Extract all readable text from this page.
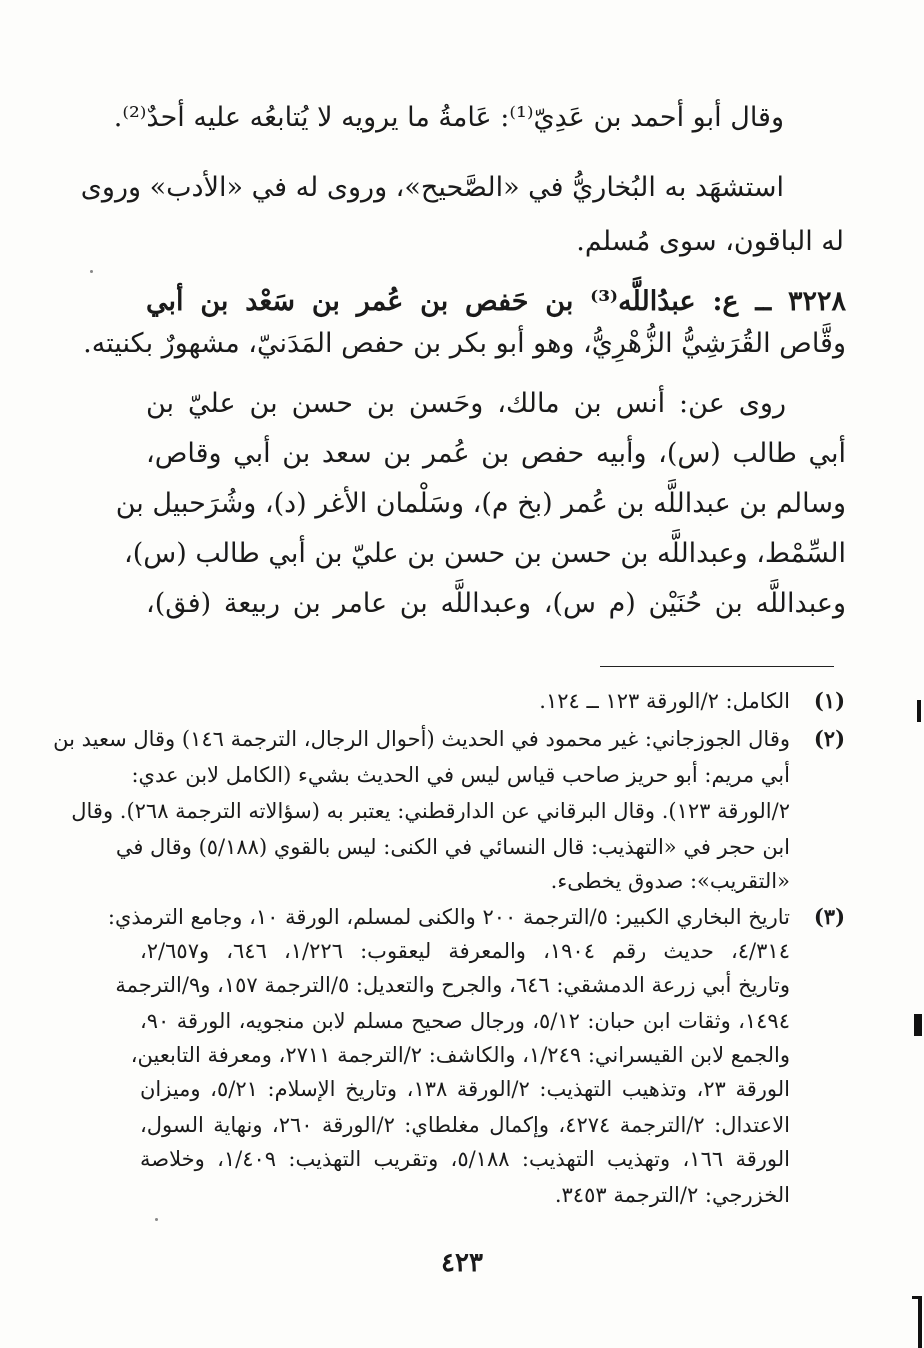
وقال أبو أحمد بن عَدِيّ⁽¹⁾: عَامةُ ما يرويه لا يُتابعُه عليه أحدٌ⁽²⁾.
استشهَد به البُخاريُّ في «الصَّحيح»، وروى له في «الأدب» وروى
له الباقون، سوى مُسلم.
٣٢٢٨ ــ ع: عبدُاللَّه⁽³⁾ بن حَفص بن عُمر بن سَعْد بن أبي
وقَّاص القُرَشِيُّ الزُّهْرِيُّ، وهو أبو بكر بن حفص المَدَنيّ، مشهورٌ بكنيته.
روى عن: أنس بن مالك، وحَسن بن حسن بن عليّ بن
أبي طالب (س)، وأبيه حفص بن عُمر بن سعد بن أبي وقاص،
وسالم بن عبداللَّه بن عُمر (بخ م)، وسَلْمان الأغر (د)، وشُرَحبيل بن
السِّمْط، وعبداللَّه بن حسن بن حسن بن عليّ بن أبي طالب (س)،
وعبداللَّه بن حُنَيْن (م س)، وعبداللَّه بن عامر بن ربيعة (فق)،
(١)
الكامل: ٢/الورقة ١٢٣ ــ ١٢٤.
(٢)
وقال الجوزجاني: غير محمود في الحديث (أحوال الرجال، الترجمة ١٤٦) وقال سعيد بن
أبي مريم: أبو حريز صاحب قياس ليس في الحديث بشيء (الكامل لابن عدي:
٢/الورقة ١٢٣). وقال البرقاني عن الدارقطني: يعتبر به (سؤالاته الترجمة ٢٦٨). وقال
ابن حجر في «التهذيب: قال النسائي في الكنى: ليس بالقوي (٥/١٨٨) وقال في
«التقريب»: صدوق يخطىء.
(٣)
تاريخ البخاري الكبير: ٥/الترجمة ٢٠٠ والكنى لمسلم، الورقة ١٠، وجامع الترمذي:
٤/٣١٤، حديث رقم ١٩٠٤، والمعرفة ليعقوب: ١/٢٢٦، ٦٤٦، و٢/٦٥٧،
وتاريخ أبي زرعة الدمشقي: ٦٤٦، والجرح والتعديل: ٥/الترجمة ١٥٧، و٩/الترجمة
١٤٩٤، وثقات ابن حبان: ٥/١٢، ورجال صحيح مسلم لابن منجويه، الورقة ٩٠،
والجمع لابن القيسراني: ١/٢٤٩، والكاشف: ٢/الترجمة ٢٧١١، ومعرفة التابعين،
الورقة ٢٣، وتذهيب التهذيب: ٢/الورقة ١٣٨، وتاريخ الإسلام: ٥/٢١، وميزان
الاعتدال: ٢/الترجمة ٤٢٧٤، وإكمال مغلطاي: ٢/الورقة ٢٦٠، ونهاية السول،
الورقة ١٦٦، وتهذيب التهذيب: ٥/١٨٨، وتقريب التهذيب: ١/٤٠٩، وخلاصة
الخزرجي: ٢/الترجمة ٣٤٥٣.
٤٢٣
